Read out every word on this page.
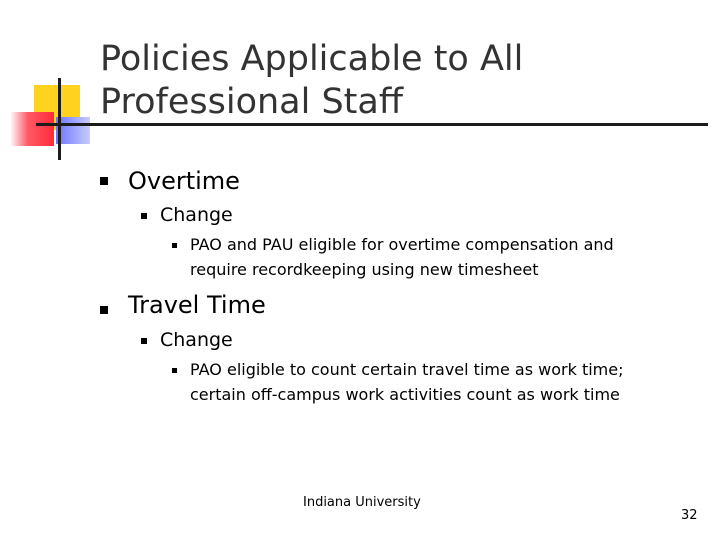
Policies Applicable to All Professional Staff
Overtime
Change
PAO and PAU eligible for overtime compensation and
require recordkeeping using new timesheet
Travel Time
Change
PAO eligible to count certain travel time as work time;
certain off-campus work activities count as work time
Indiana University
32
